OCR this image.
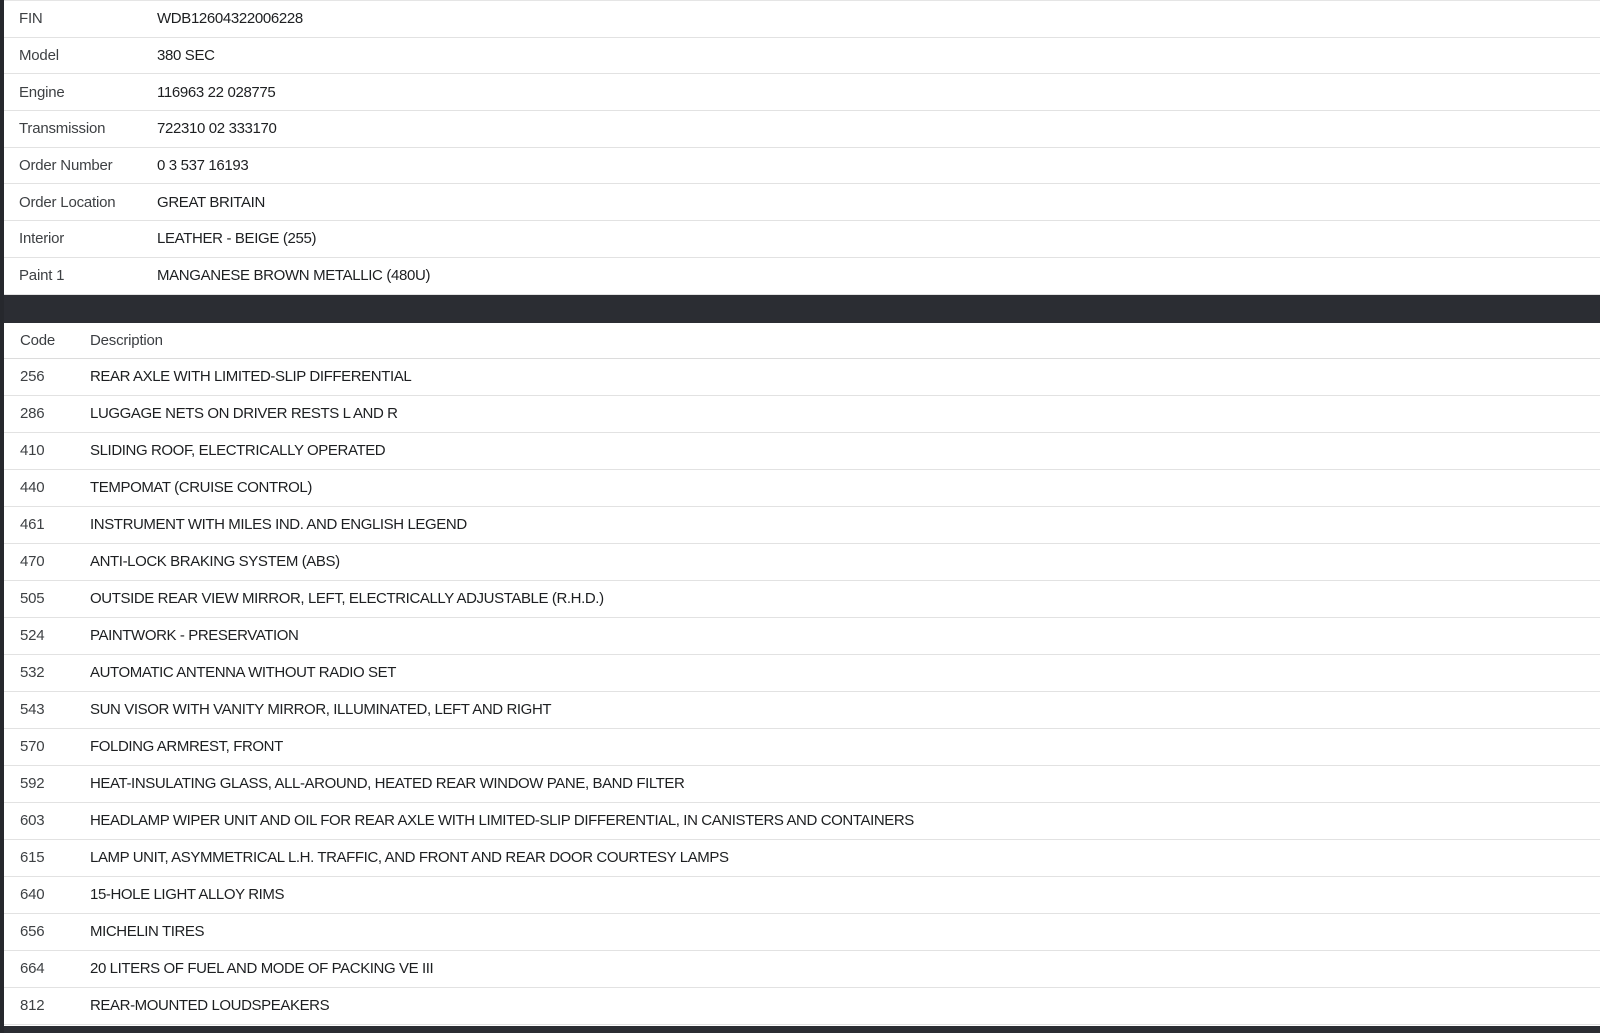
FIN	WDB12604322006228
Model	380 SEC
Engine	116963 22 028775
Transmission	722310 02 333170
Order Number	0 3 537 16193
Order Location	GREAT BRITAIN
Interior	LEATHER - BEIGE (255)
Paint 1	MANGANESE BROWN METALLIC (480U)
Code Description
256	REAR AXLE WITH LIMITED-SLIP DIFFERENTIAL
286	LUGGAGE NETS ON DRIVER RESTS L AND R
410	SLIDING ROOF, ELECTRICALLY OPERATED
440	TEMPOMAT (CRUISE CONTROL)
461	INSTRUMENT WITH MILES IND. AND ENGLISH LEGEND
470	ANTI-LOCK BRAKING SYSTEM (ABS)
505	OUTSIDE REAR VIEW MIRROR, LEFT, ELECTRICALLY ADJUSTABLE (R.H.D.)
524	PAINTWORK - PRESERVATION
532	AUTOMATIC ANTENNA WITHOUT RADIO SET
543	SUN VISOR WITH VANITY MIRROR, ILLUMINATED, LEFT AND RIGHT
570	FOLDING ARMREST, FRONT
592	HEAT-INSULATING GLASS, ALL-AROUND, HEATED REAR WINDOW PANE, BAND FILTER
603	HEADLAMP WIPER UNIT AND OIL FOR REAR AXLE WITH LIMITED-SLIP DIFFERENTIAL, IN CANISTERS AND CONTAINERS
615	LAMP UNIT, ASYMMETRICAL L.H. TRAFFIC, AND FRONT AND REAR DOOR COURTESY LAMPS
640	15-HOLE LIGHT ALLOY RIMS
656	MICHELIN TIRES
664	20 LITERS OF FUEL AND MODE OF PACKING VE III
812	REAR-MOUNTED LOUDSPEAKERS
